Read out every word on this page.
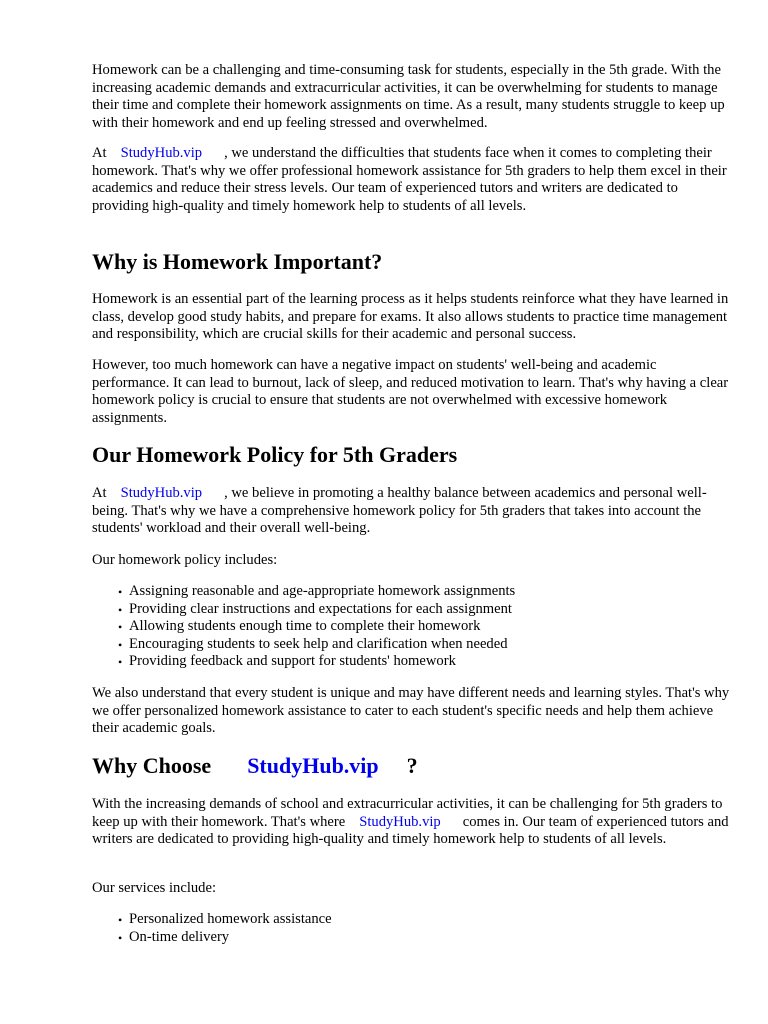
Homework can be a challenging and time-consuming task for students, especially in the 5th grade. With the increasing academic demands and extracurricular activities, it can be overwhelming for students to manage their time and complete their homework assignments on time. As a result, many students struggle to keep up with their homework and end up feeling stressed and overwhelmed.

At StudyHub.vip , we understand the difficulties that students face when it comes to completing their homework. That's why we offer professional homework assistance for 5th graders to help them excel in their academics and reduce their stress levels. Our team of experienced tutors and writers are dedicated to providing high-quality and timely homework help to students of all levels.

Why is Homework Important?

Homework is an essential part of the learning process as it helps students reinforce what they have learned in class, develop good study habits, and prepare for exams. It also allows students to practice time management and responsibility, which are crucial skills for their academic and personal success.

However, too much homework can have a negative impact on students' well-being and academic performance. It can lead to burnout, lack of sleep, and reduced motivation to learn. That's why having a clear homework policy is crucial to ensure that students are not overwhelmed with excessive homework assignments.

Our Homework Policy for 5th Graders

At StudyHub.vip , we believe in promoting a healthy balance between academics and personal well-being. That's why we have a comprehensive homework policy for 5th graders that takes into account the students' workload and their overall well-being.

Our homework policy includes:

• Assigning reasonable and age-appropriate homework assignments
• Providing clear instructions and expectations for each assignment
• Allowing students enough time to complete their homework
• Encouraging students to seek help and clarification when needed
• Providing feedback and support for students' homework

We also understand that every student is unique and may have different needs and learning styles. That's why we offer personalized homework assistance to cater to each student's specific needs and help them achieve their academic goals.

Why Choose StudyHub.vip ?

With the increasing demands of school and extracurricular activities, it can be challenging for 5th graders to keep up with their homework. That's where StudyHub.vip comes in. Our team of experienced tutors and writers are dedicated to providing high-quality and timely homework help to students of all levels.

Our services include:

• Personalized homework assistance
• On-time delivery
